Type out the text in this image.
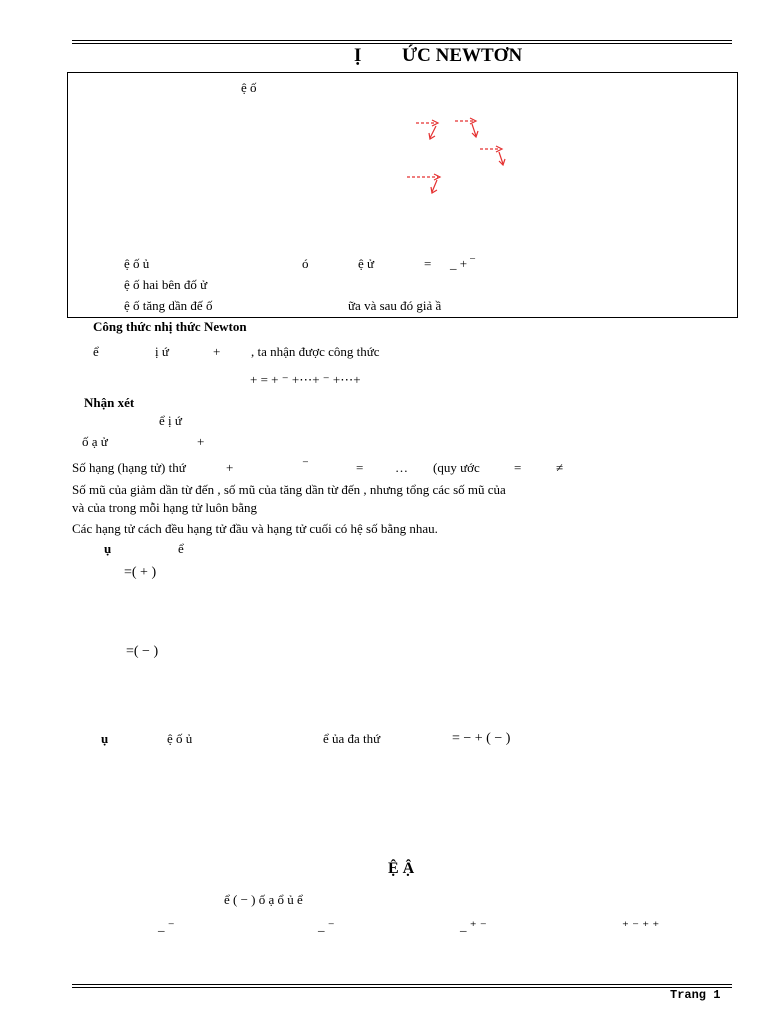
Ị ỨC NEWTƠN
ệ ố
ệ ố ủ	ó	ệ ử	= _ + ‾
ệ ố hai bên đố ử
ệ ố tăng dần đế ố	ữa và sau đó giả ầ
Công thức nhị thức Newton
ể	ị ứ	+ , ta nhận được công thức
+ = + ⁻ +⋯+ ⁻ +⋯+
Nhận xét
ể ị ứ
ố ạ ử	+
Số hạng (hạng tử) thứ	+	⁻	= … (quy ước	=	≠
Số mũ của giảm dần từ đến , số mũ của tăng dần từ đến , nhưng tổng các số mũ của
và của trong mỗi hạng tử luôn bằng
Các hạng tử cách đều hạng tử đầu và hạng tử cuối có hệ số bằng nhau.
ụ	ể
=( + )
=( − )
ụ	ệ ố ủ	ể ủa đa thứ	= − + ( − )
Ệ Ậ
ể ( − ) ố ạ ổ ủ ể
_ ⁻	_ ⁻	_ ⁺ ⁻	⁺ ⁻ ⁺ ⁺
Trang 1
